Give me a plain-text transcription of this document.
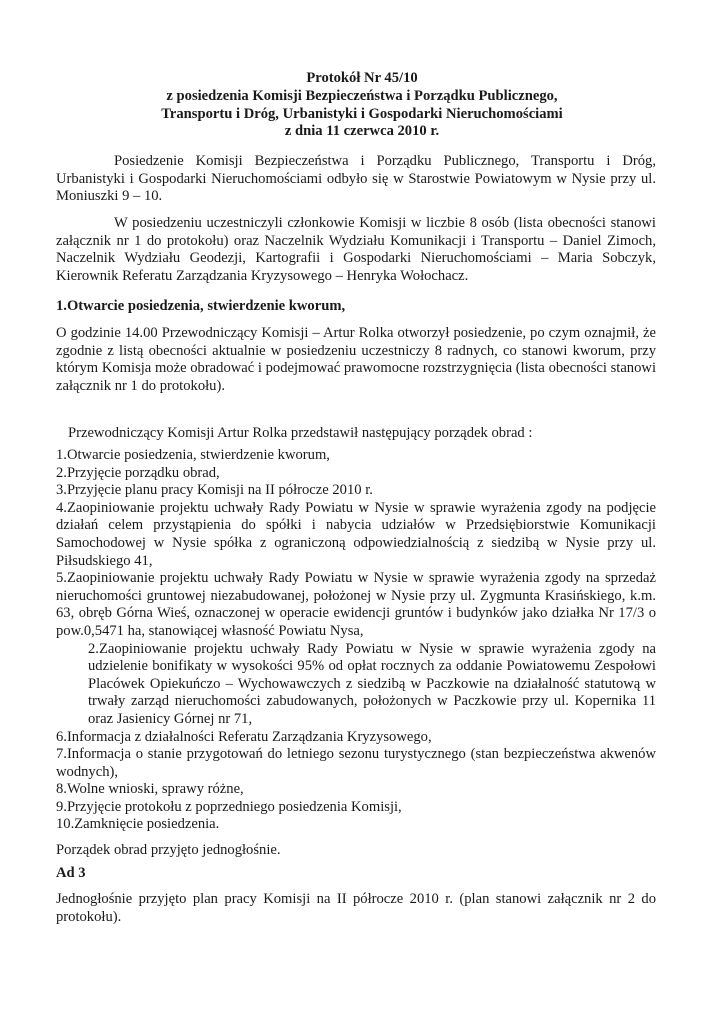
Protokół Nr 45/10
z posiedzenia Komisji Bezpieczeństwa i Porządku Publicznego,
Transportu i Dróg, Urbanistyki i Gospodarki Nieruchomościami
z dnia 11 czerwca 2010 r.
Posiedzenie Komisji Bezpieczeństwa i Porządku Publicznego, Transportu i Dróg, Urbanistyki i Gospodarki Nieruchomościami odbyło się w Starostwie Powiatowym w Nysie przy ul. Moniuszki 9 – 10.
W posiedzeniu uczestniczyli członkowie Komisji w liczbie 8 osób (lista obecności stanowi załącznik nr 1 do protokołu) oraz Naczelnik Wydziału Komunikacji i Transportu – Daniel Zimoch, Naczelnik Wydziału Geodezji, Kartografii i Gospodarki Nieruchomościami – Maria Sobczyk, Kierownik Referatu Zarządzania Kryzysowego – Henryka Wołochacz.
1.Otwarcie posiedzenia, stwierdzenie kworum,
O godzinie 14.00 Przewodniczący Komisji – Artur Rolka otworzył posiedzenie, po czym oznajmił, że zgodnie z listą obecności aktualnie w posiedzeniu uczestniczy 8 radnych, co stanowi kworum, przy którym Komisja może obradować i podejmować prawomocne rozstrzygnięcia (lista obecności stanowi załącznik nr 1 do protokołu).
Przewodniczący Komisji Artur Rolka przedstawił następujący porządek obrad :
1.Otwarcie posiedzenia, stwierdzenie kworum,
2.Przyjęcie porządku obrad,
3.Przyjęcie planu pracy Komisji na II półrocze 2010 r.
4.Zaopiniowanie projektu uchwały Rady Powiatu w Nysie w sprawie wyrażenia zgody na podjęcie działań celem przystąpienia do spółki i nabycia udziałów w Przedsiębiorstwie Komunikacji Samochodowej w Nysie spółka z ograniczoną odpowiedzialnością z siedzibą w Nysie przy ul. Piłsudskiego 41,
5.Zaopiniowanie projektu uchwały Rady Powiatu w Nysie w sprawie wyrażenia zgody na sprzedaż nieruchomości gruntowej niezabudowanej, położonej w Nysie przy ul. Zygmunta Krasińskiego, k.m. 63, obręb Górna Wieś, oznaczonej w operacie ewidencji gruntów i budynków jako działka Nr 17/3 o pow.0,5471 ha, stanowiącej własność Powiatu Nysa,
2.Zaopiniowanie projektu uchwały Rady Powiatu w Nysie w sprawie wyrażenia zgody na udzielenie bonifikaty w wysokości 95% od opłat rocznych za oddanie Powiatowemu Zespołowi Placówek Opiekuńczo – Wychowawczych z siedzibą w Paczkowie na działalność statutową w trwały zarząd nieruchomości zabudowanych, położonych w Paczkowie przy ul. Kopernika 11 oraz Jasienicy Górnej nr 71,
6.Informacja z działalności Referatu Zarządzania Kryzysowego,
7.Informacja o stanie przygotowań do letniego sezonu turystycznego (stan bezpieczeństwa akwenów wodnych),
8.Wolne wnioski, sprawy różne,
9.Przyjęcie protokołu z poprzedniego posiedzenia Komisji,
10.Zamknięcie posiedzenia.
Porządek obrad przyjęto jednogłośnie.
Ad 3
Jednogłośnie przyjęto plan pracy Komisji na II półrocze 2010 r. (plan stanowi załącznik nr 2 do protokołu).
